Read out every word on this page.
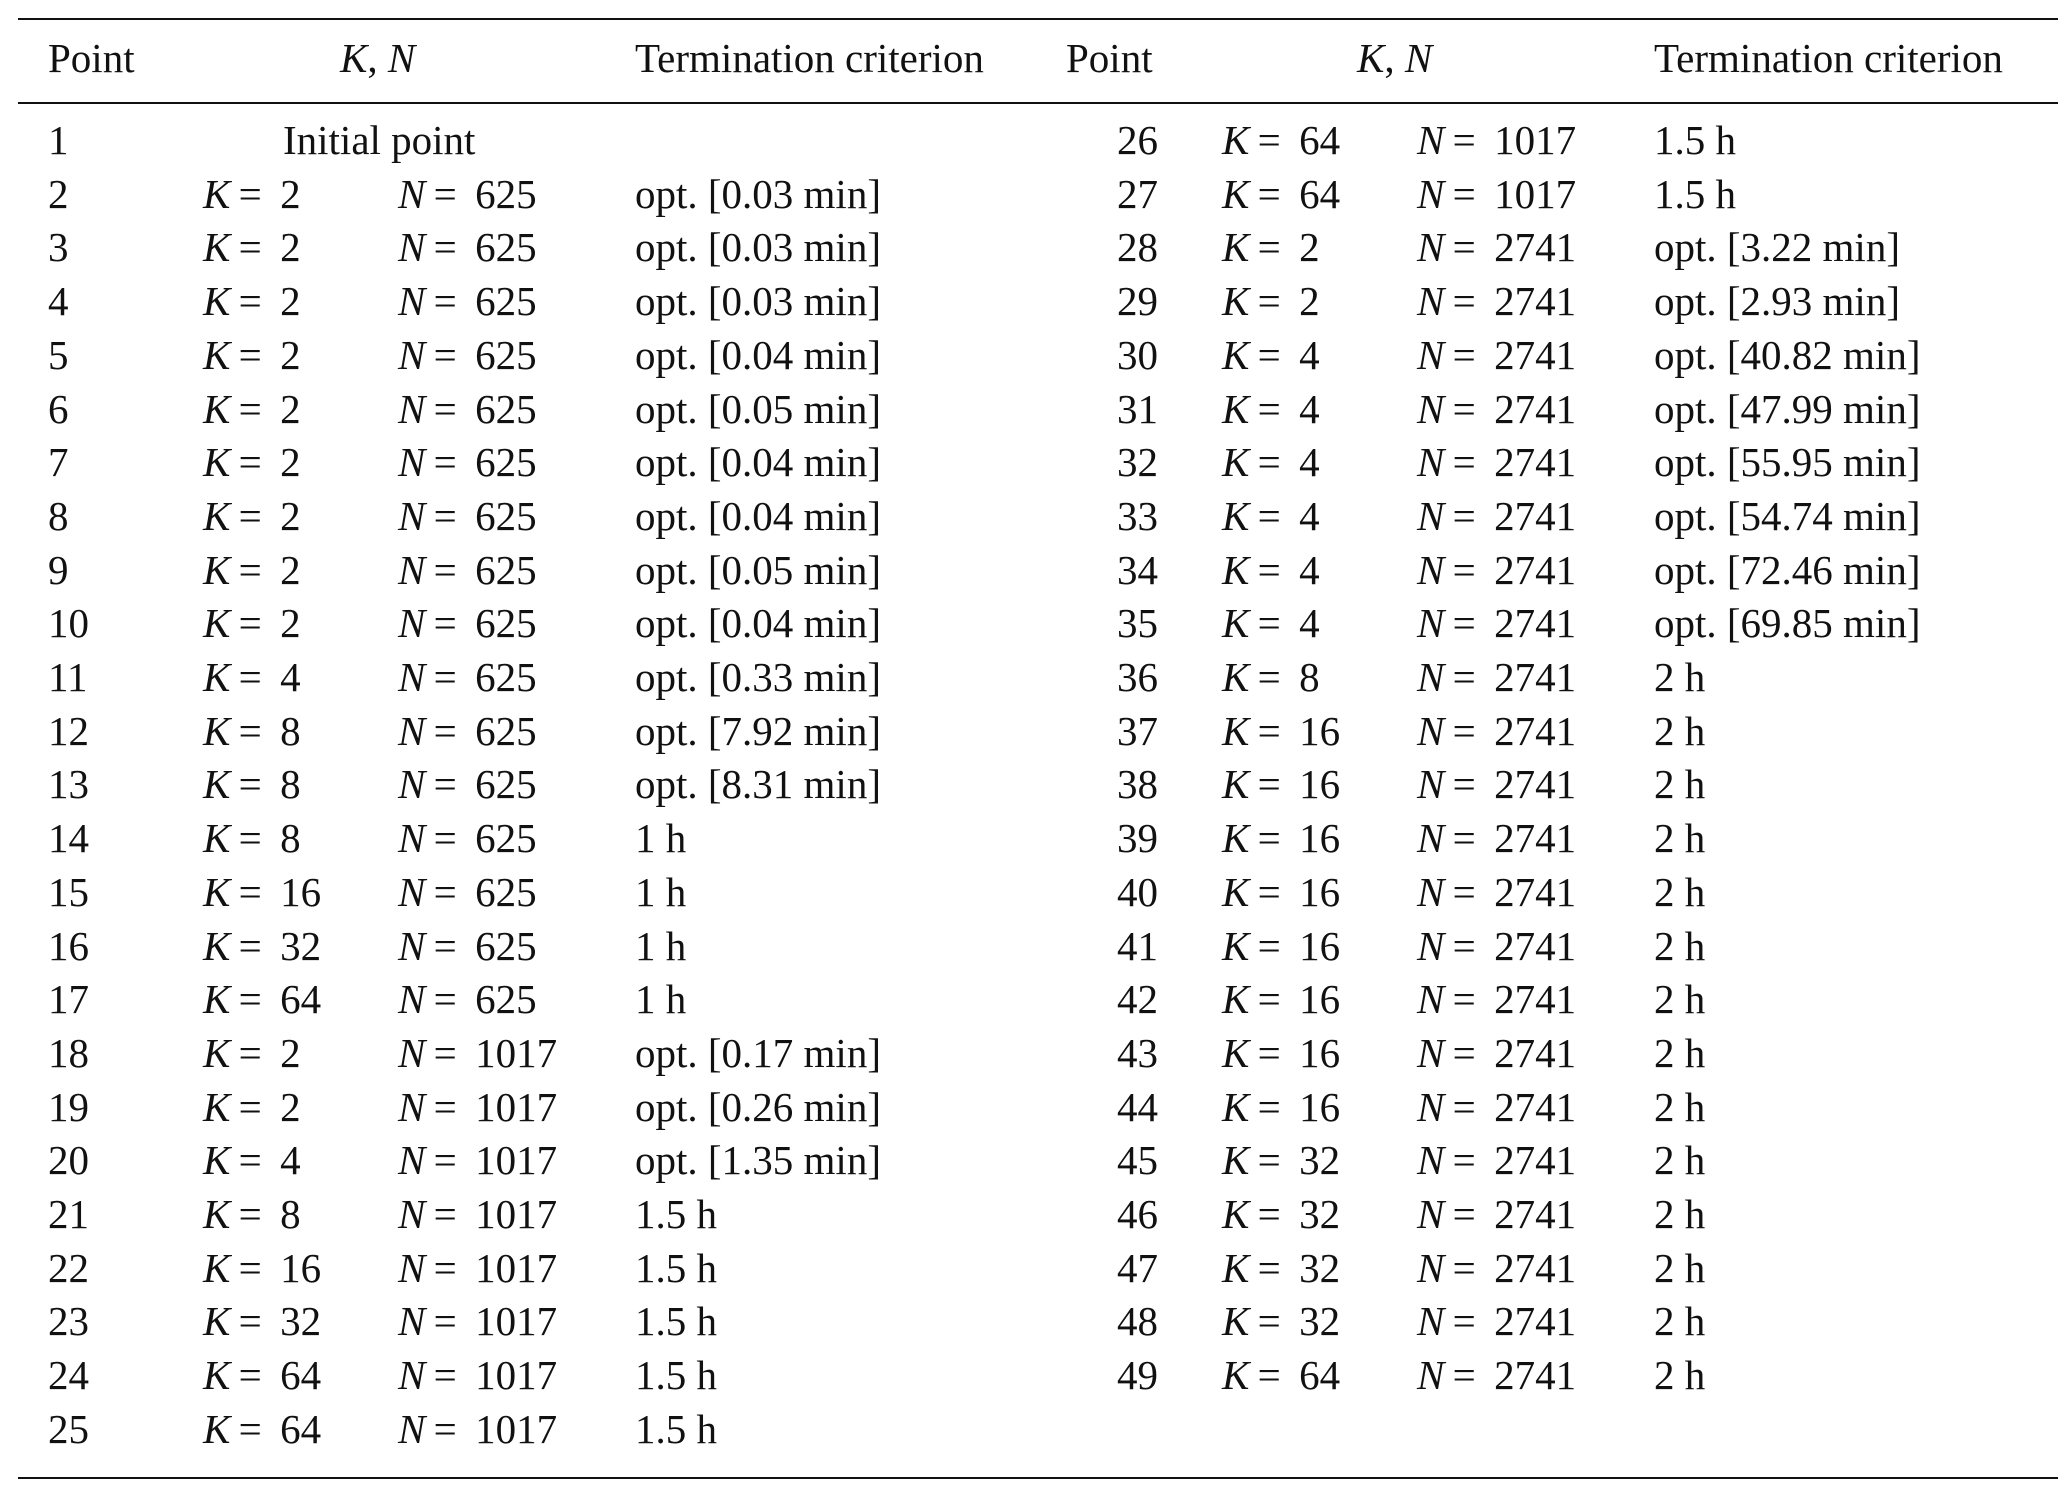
Point	K, N	Termination criterion Point	K, N	Termination criterion
1	Initial point
2	K =  2 N =  625 opt. [0.03 min]
3	K =  2 N =  625 opt. [0.03 min]
4	K =  2 N =  625 opt. [0.03 min]
5	K =  2 N =  625 opt. [0.04 min]
6	K =  2 N =  625 opt. [0.05 min]
7	K =  2 N =  625 opt. [0.04 min]
8	K =  2 N =  625 opt. [0.04 min]
9	K =  2 N =  625 opt. [0.05 min]
10	K =  2 N =  625 opt. [0.04 min]
11	K =  4 N =  625 opt. [0.33 min]
12	K =  8 N =  625 opt. [7.92 min]
13	K =  8 N =  625 opt. [8.31 min]
14	K =  8 N =  625 1 h
15	K =  16 N =  625 1 h
16	K =  32 N =  625 1 h
17	K =  64 N =  625 1 h
18	K =  2 N =  1017 opt. [0.17 min]
19	K =  2 N =  1017 opt. [0.26 min]
20	K =  4 N =  1017 opt. [1.35 min]
21	K =  8 N =  1017 1.5 h
22	K =  16 N =  1017 1.5 h
23	K =  32 N =  1017 1.5 h
24	K =  64 N =  1017 1.5 h
25	K =  64 N =  1017 1.5 h
26 K =  64 N =  1017 1.5 h
27 K =  64 N =  1017 1.5 h
28 K =  2 N =  2741 opt. [3.22 min]
29 K =  2 N =  2741 opt. [2.93 min]
30 K =  4 N =  2741 opt. [40.82 min]
31 K =  4 N =  2741 opt. [47.99 min]
32 K =  4 N =  2741 opt. [55.95 min]
33 K =  4 N =  2741 opt. [54.74 min]
34 K =  4 N =  2741 opt. [72.46 min]
35 K =  4 N =  2741 opt. [69.85 min]
36 K =  8 N =  2741 2 h
37 K =  16 N =  2741 2 h
38 K =  16 N =  2741 2 h
39 K =  16 N =  2741 2 h
40 K =  16 N =  2741 2 h
41 K =  16 N =  2741 2 h
42 K =  16 N =  2741 2 h
43 K =  16 N =  2741 2 h
44 K =  16 N =  2741 2 h
45 K =  32 N =  2741 2 h
46 K =  32 N =  2741 2 h
47 K =  32 N =  2741 2 h
48 K =  32 N =  2741 2 h
49 K =  64 N =  2741 2 h
